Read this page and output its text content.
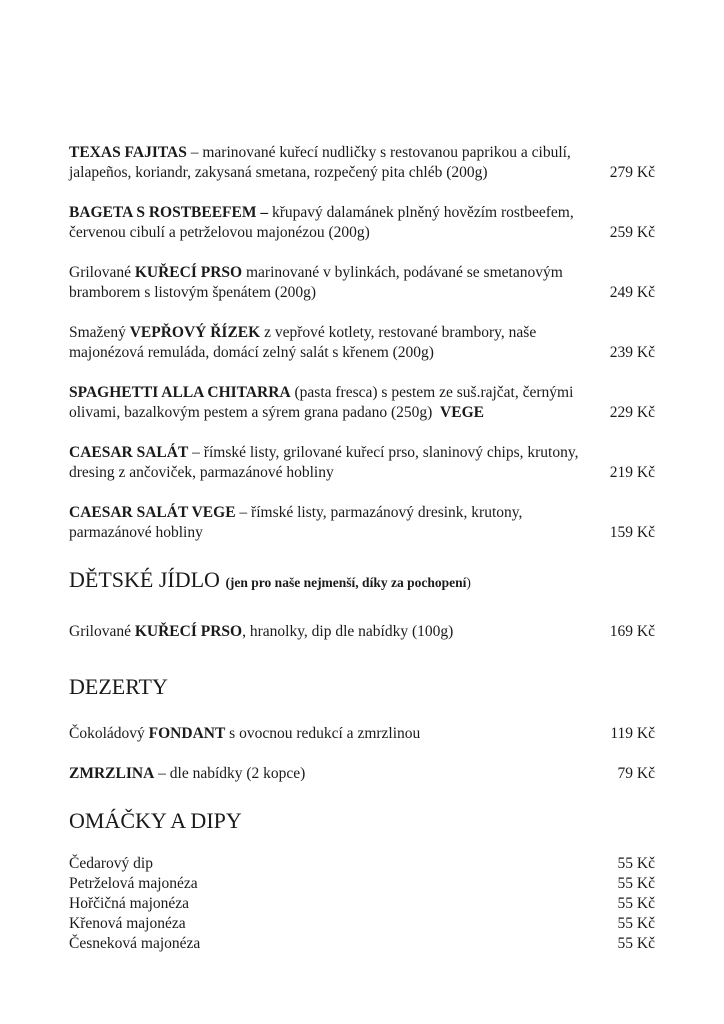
TEXAS FAJITAS – marinované kuřecí nudličky s restovanou paprikou a cibulí,
jalapeños, koriandr, zakysaná smetana, rozpečený pita chléb (200g)	279 Kč
BAGETA S ROSTBEEFEM – křupavý dalamánek plněný hovězím rostbeefem,
červenou cibulí a petrželovou majonézou (200g)	259 Kč
Grilované KUŘECÍ PRSO marinované v bylinkách, podávané se smetanovým
bramborem s listovým špenátem (200g)	249 Kč
Smažený VEPŘOVÝ ŘÍZEK z vepřové kotlety, restované brambory, naše
majonézová remuláda, domácí zelný salát s křenem (200g)	239 Kč
SPAGHETTI ALLA CHITARRA (pasta fresca) s pestem ze suš.rajčat, černými
olivami, bazalkovým pestem a sýrem grana padano (250g)  VEGE	229 Kč
CAESAR SALÁT – římské listy, grilované kuřecí prso, slaninový chips, krutony,
dresing z ančoviček, parmazánové hobliny	219 Kč
CAESAR SALÁT VEGE – římské listy, parmazánový dresink, krutony,
parmazánové hobliny	159 Kč
DĚTSKÉ JÍDLO (jen pro naše nejmenší, díky za pochopení)
Grilované KUŘECÍ PRSO, hranolky, dip dle nabídky (100g)	169 Kč
DEZERTY
Čokoládový FONDANT s ovocnou redukcí a zmrzlinou	119 Kč
ZMRZLINA – dle nabídky (2 kopce)	79 Kč
OMÁČKY A DIPY
Čedarový dip	55 Kč
Petrželová majonéza	55 Kč
Hořčičná majonéza	55 Kč
Křenová majonéza	55 Kč
Česneková majonéza	55 Kč
